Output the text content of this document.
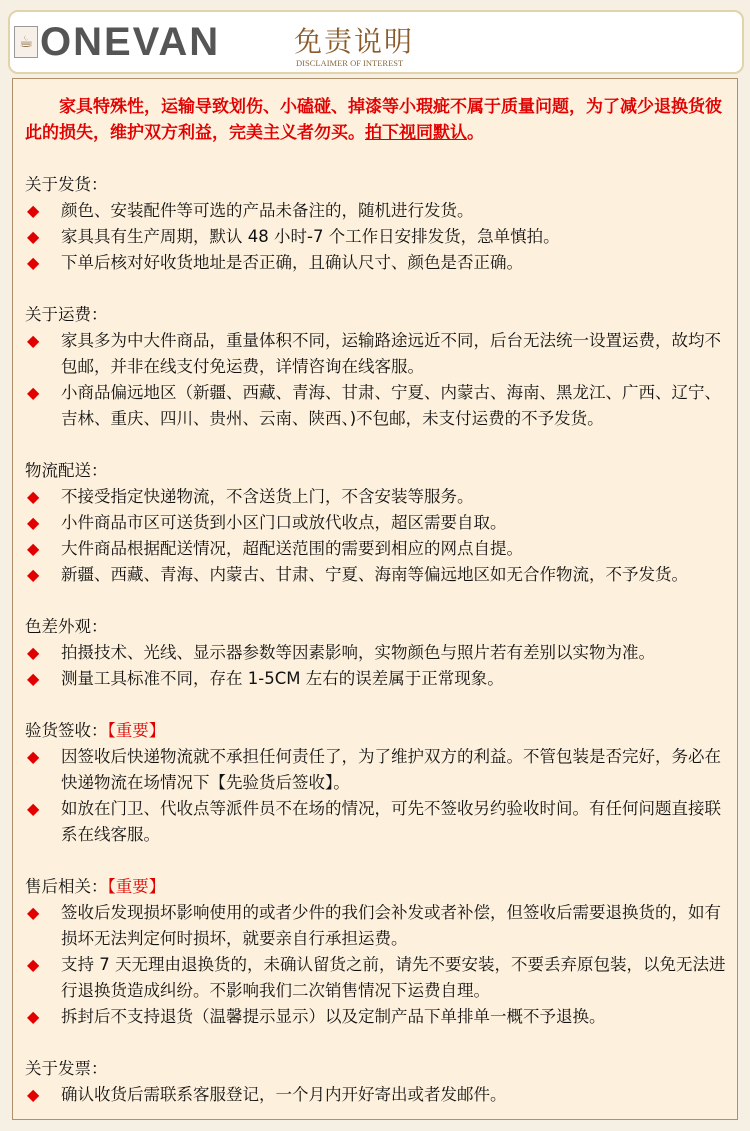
☕ ONEVAN	免责说明
DISCLAIMER OF INTEREST
家具特殊性，运输导致划伤、小磕碰、掉漆等小瑕疵不属于质量问题，为了减少退换货彼此的损失，维护双方利益，完美主义者勿买。拍下视同默认。
关于发货：
◆ 颜色、安装配件等可选的产品未备注的，随机进行发货。
◆ 家具具有生产周期，默认 48 小时-7 个工作日安排发货，急单慎拍。
◆ 下单后核对好收货地址是否正确，且确认尺寸、颜色是否正确。
关于运费：
◆ 家具多为中大件商品，重量体积不同，运输路途远近不同，后台无法统一设置运费，故均不包邮，并非在线支付免运费，详情咨询在线客服。
◆ 小商品偏远地区（新疆、西藏、青海、甘肃、宁夏、内蒙古、海南、黑龙江、广西、辽宁、吉林、重庆、四川、贵州、云南、陕西、)不包邮，未支付运费的不予发货。
物流配送：
◆ 不接受指定快递物流，不含送货上门，不含安装等服务。
◆ 小件商品市区可送货到小区门口或放代收点，超区需要自取。
◆ 大件商品根据配送情况，超配送范围的需要到相应的网点自提。
◆ 新疆、西藏、青海、内蒙古、甘肃、宁夏、海南等偏远地区如无合作物流，不予发货。
色差外观：
◆ 拍摄技术、光线、显示器参数等因素影响，实物颜色与照片若有差别以实物为准。
◆ 测量工具标准不同，存在 1-5CM 左右的误差属于正常现象。
验货签收：【重要】
◆ 因签收后快递物流就不承担任何责任了，为了维护双方的利益。不管包装是否完好，务必在快递物流在场情况下【先验货后签收】。
◆ 如放在门卫、代收点等派件员不在场的情况，可先不签收另约验收时间。有任何问题直接联系在线客服。
售后相关：【重要】
◆ 签收后发现损坏影响使用的或者少件的我们会补发或者补偿，但签收后需要退换货的，如有损坏无法判定何时损坏，就要亲自行承担运费。
◆ 支持 7 天无理由退换货的，未确认留货之前，请先不要安装，不要丢弃原包装，以免无法进行退换货造成纠纷。不影响我们二次销售情况下运费自理。
◆ 拆封后不支持退货（温馨提示显示）以及定制产品下单排单一概不予退换。
关于发票：
◆ 确认收货后需联系客服登记，一个月内开好寄出或者发邮件。
